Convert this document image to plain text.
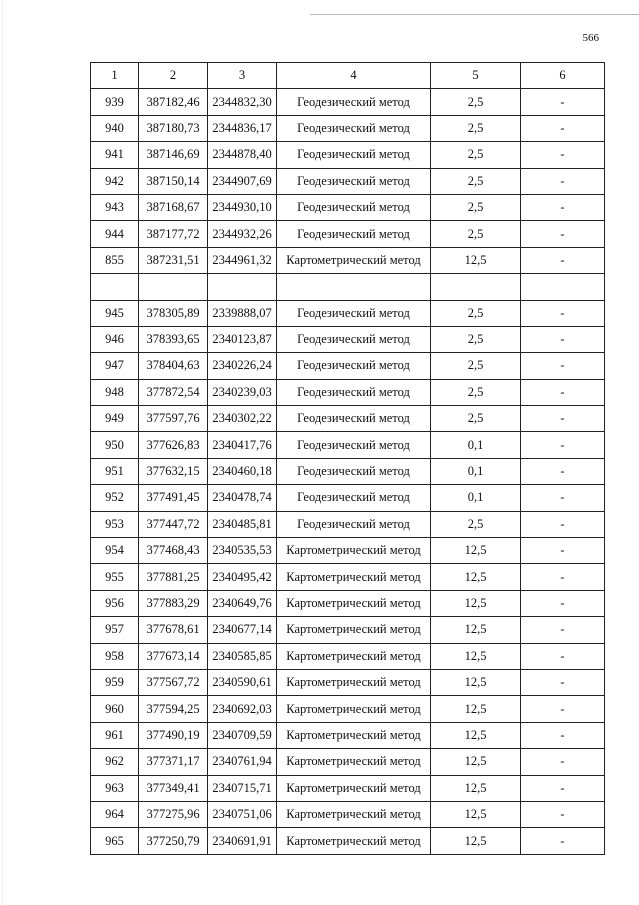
566
1	2	3	4	5	6
939	387182,46	2344832,30	Геодезический метод	2,5	-
940	387180,73	2344836,17	Геодезический метод	2,5	-
941	387146,69	2344878,40	Геодезический метод	2,5	-
942	387150,14	2344907,69	Геодезический метод	2,5	-
943	387168,67	2344930,10	Геодезический метод	2,5	-
944	387177,72	2344932,26	Геодезический метод	2,5	-
855	387231,51	2344961,32	Картометрический метод	12,5	-

945	378305,89	2339888,07	Геодезический метод	2,5	-
946	378393,65	2340123,87	Геодезический метод	2,5	-
947	378404,63	2340226,24	Геодезический метод	2,5	-
948	377872,54	2340239,03	Геодезический метод	2,5	-
949	377597,76	2340302,22	Геодезический метод	2,5	-
950	377626,83	2340417,76	Геодезический метод	0,1	-
951	377632,15	2340460,18	Геодезический метод	0,1	-
952	377491,45	2340478,74	Геодезический метод	0,1	-
953	377447,72	2340485,81	Геодезический метод	2,5	-
954	377468,43	2340535,53	Картометрический метод	12,5	-
955	377881,25	2340495,42	Картометрический метод	12,5	-
956	377883,29	2340649,76	Картометрический метод	12,5	-
957	377678,61	2340677,14	Картометрический метод	12,5	-
958	377673,14	2340585,85	Картометрический метод	12,5	-
959	377567,72	2340590,61	Картометрический метод	12,5	-
960	377594,25	2340692,03	Картометрический метод	12,5	-
961	377490,19	2340709,59	Картометрический метод	12,5	-
962	377371,17	2340761,94	Картометрический метод	12,5	-
963	377349,41	2340715,71	Картометрический метод	12,5	-
964	377275,96	2340751,06	Картометрический метод	12,5	-
965	377250,79	2340691,91	Картометрический метод	12,5	-
